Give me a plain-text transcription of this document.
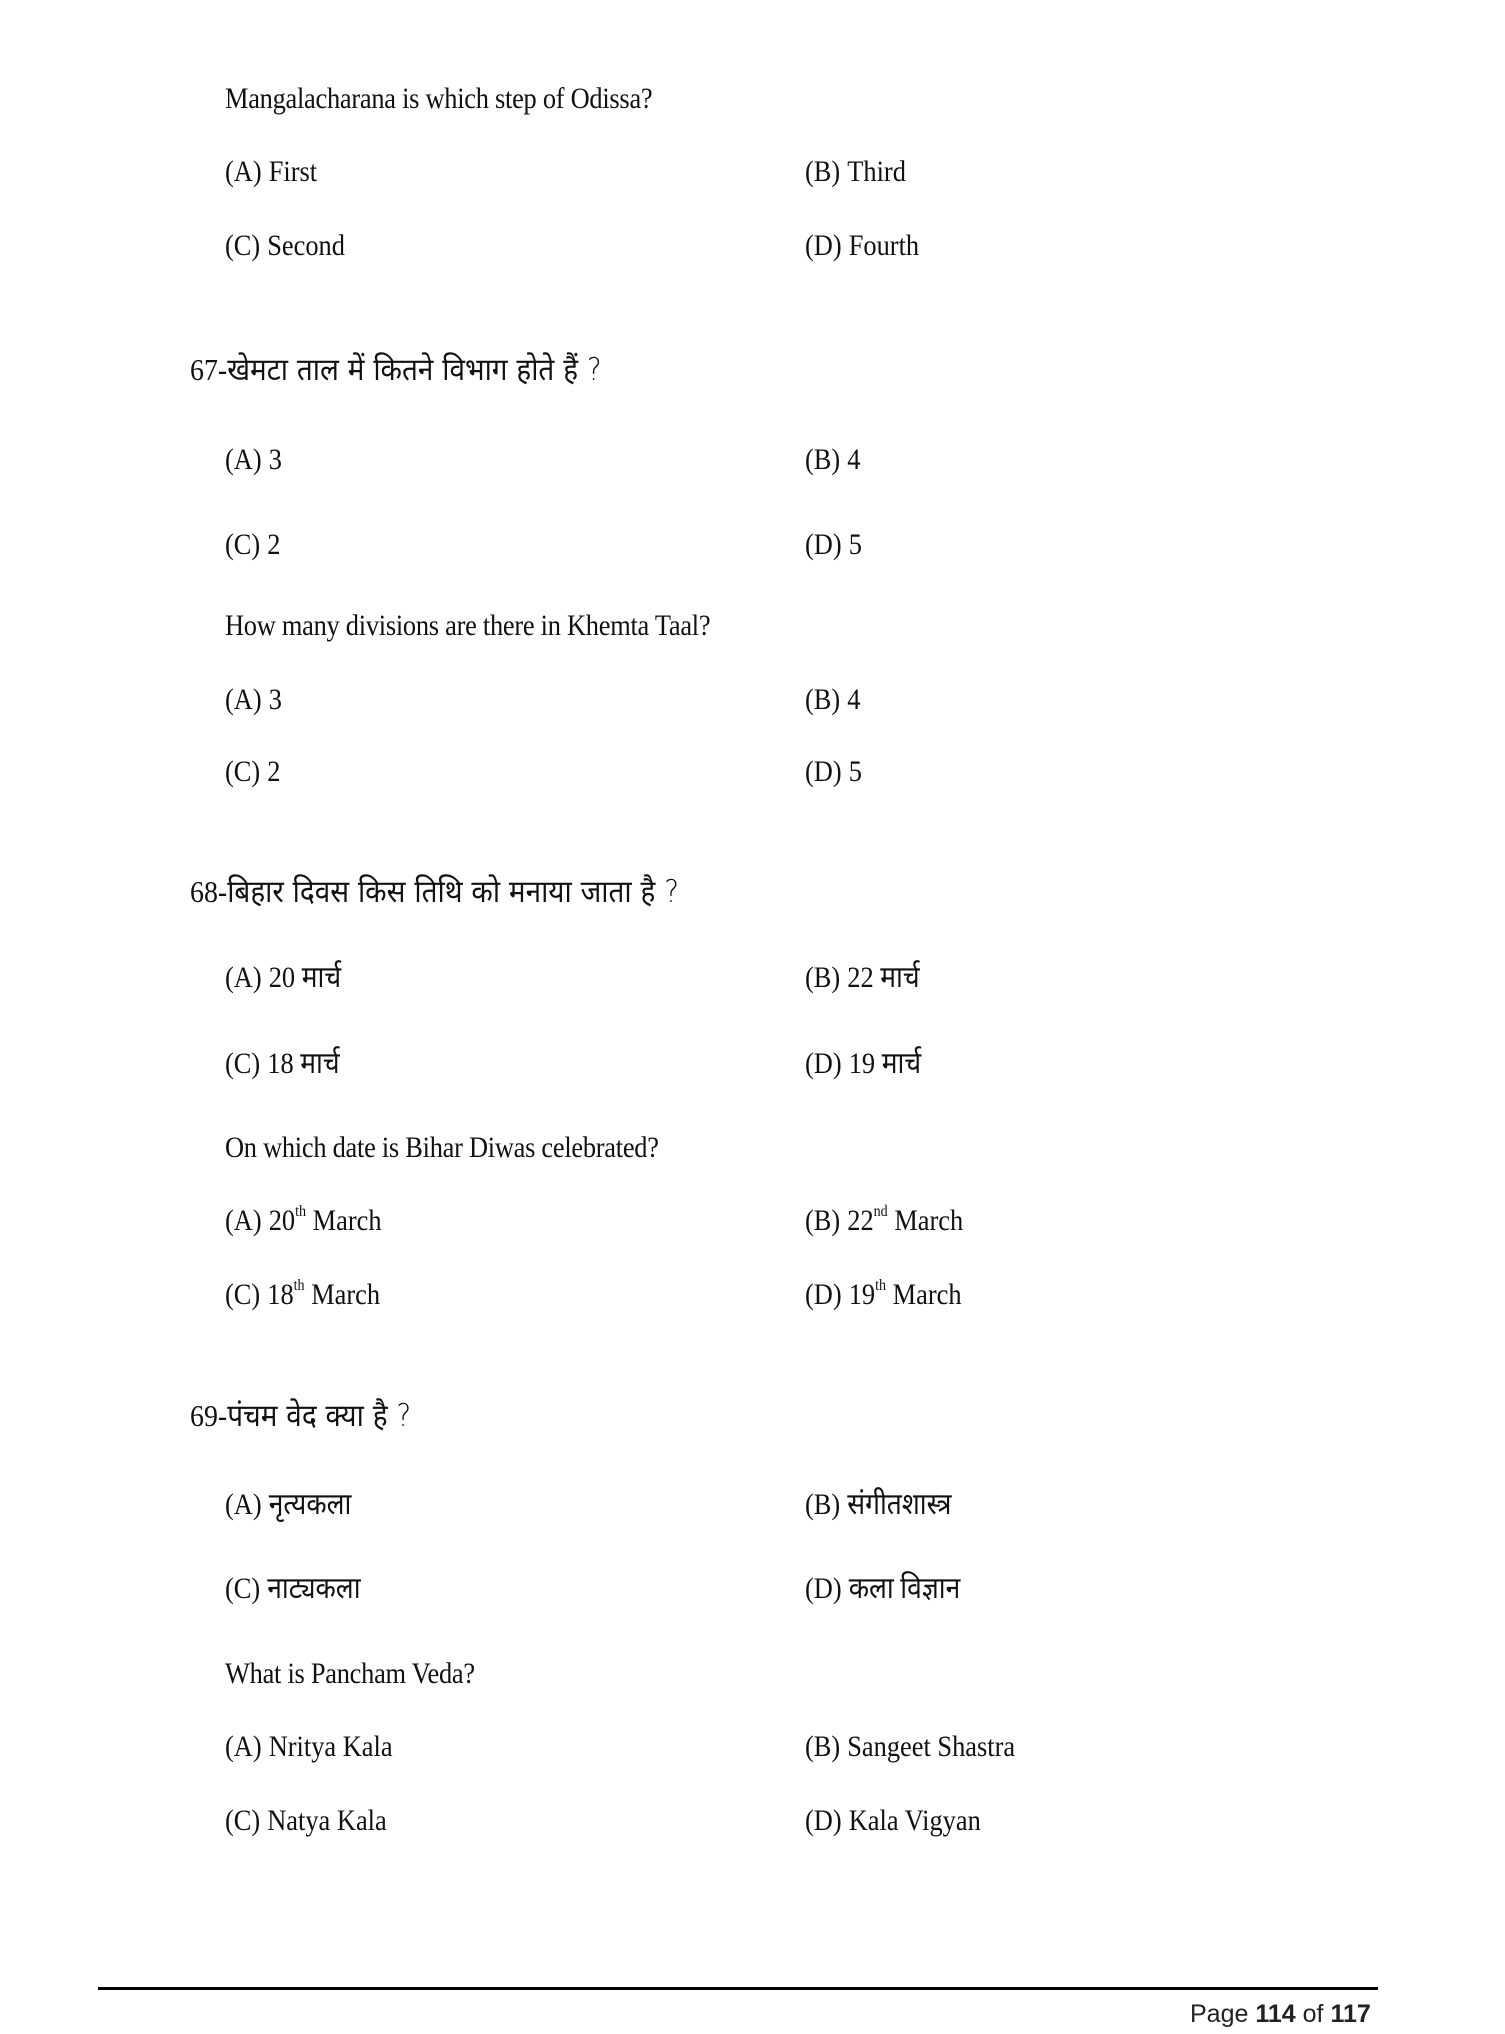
Mangalacharana is which step of Odissa?
(A) First	(B) Third
(C) Second	(D) Fourth
67-खेमटा ताल में कितने विभाग होते हैं ?
(A) 3	(B) 4
(C) 2	(D) 5
How many divisions are there in Khemta Taal?
(A) 3	(B) 4
(C) 2	(D) 5
68-बिहार दिवस किस तिथि को मनाया जाता है ?
(A) 20 मार्च	(B) 22 मार्च
(C) 18 मार्च	(D) 19 मार्च
On which date is Bihar Diwas celebrated?
(A) 20th March	(B) 22nd March
(C) 18th March	(D) 19th March
69-पंचम वेद क्या है ?
(A) नृत्यकला	(B) संगीतशास्त्र
(C) नाट्यकला	(D) कला विज्ञान
What is Pancham Veda?
(A) Nritya Kala	(B) Sangeet Shastra
(C) Natya Kala	(D) Kala Vigyan
Page 114 of 117
